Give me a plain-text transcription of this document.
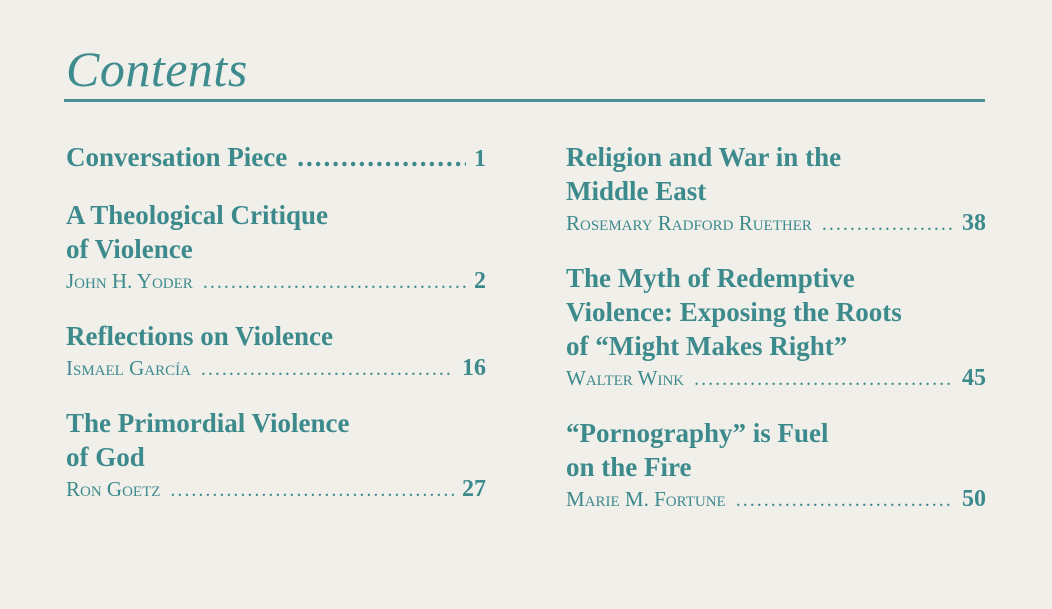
Contents
Conversation Piece .....	1
A Theological Critique
of Violence
John H. Yoder .....	2
Reflections on Violence
Ismael García .....	16
The Primordial Violence
of God
Ron Goetz .....	27
Religion and War in the
Middle East
Rosemary Radford Ruether .....	38
The Myth of Redemptive
Violence: Exposing the Roots
of “Might Makes Right”
Walter Wink .....	45
“Pornography” is Fuel
on the Fire
Marie M. Fortune .....	50
